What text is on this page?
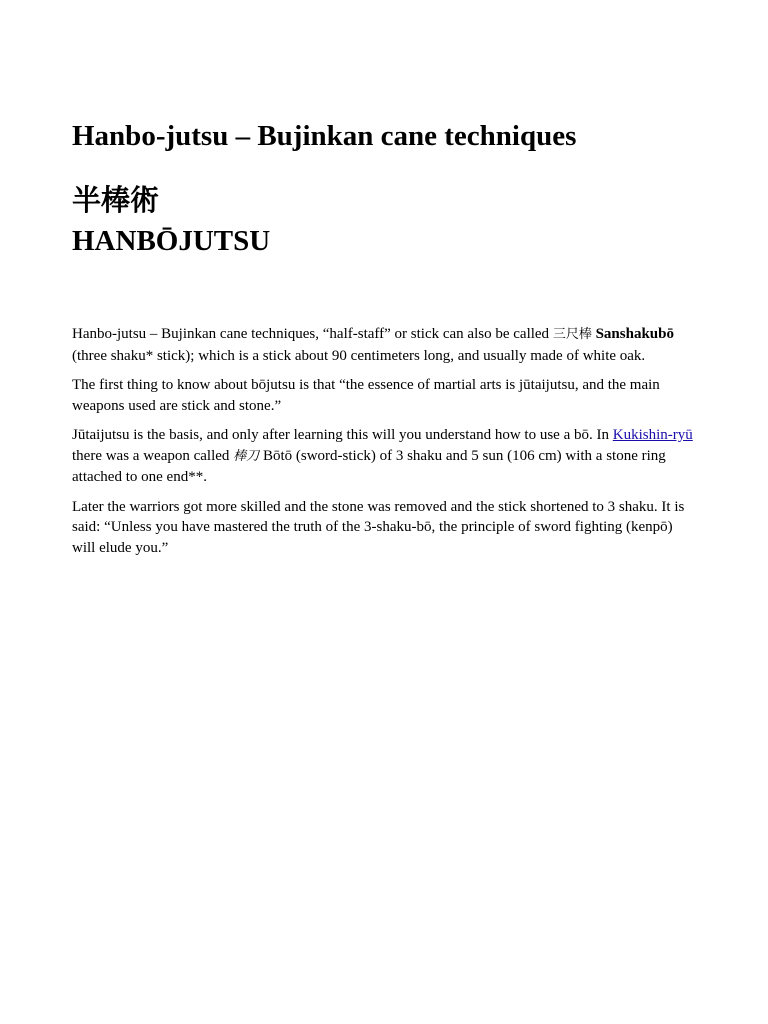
Hanbo-jutsu – Bujinkan cane techniques
半棒術
HANBŌJUTSU

Hanbo-jutsu – Bujinkan cane techniques, “half-staff” or stick can also be called 三尺棒 Sanshakubō (three shaku* stick); which is a stick about 90 centimeters long, and usually made of white oak.

The first thing to know about bōjutsu is that “the essence of martial arts is jūtaijutsu, and the main weapons used are stick and stone.”

Jūtaijutsu is the basis, and only after learning this will you understand how to use a bō. In Kukishin-ryū there was a weapon called 棒刀 Bōtō (sword-stick) of 3 shaku and 5 sun (106 cm) with a stone ring attached to one end**.

Later the warriors got more skilled and the stone was removed and the stick shortened to 3 shaku. It is said: “Unless you have mastered the truth of the 3-shaku-bō, the principle of sword fighting (kenpō) will elude you.”
